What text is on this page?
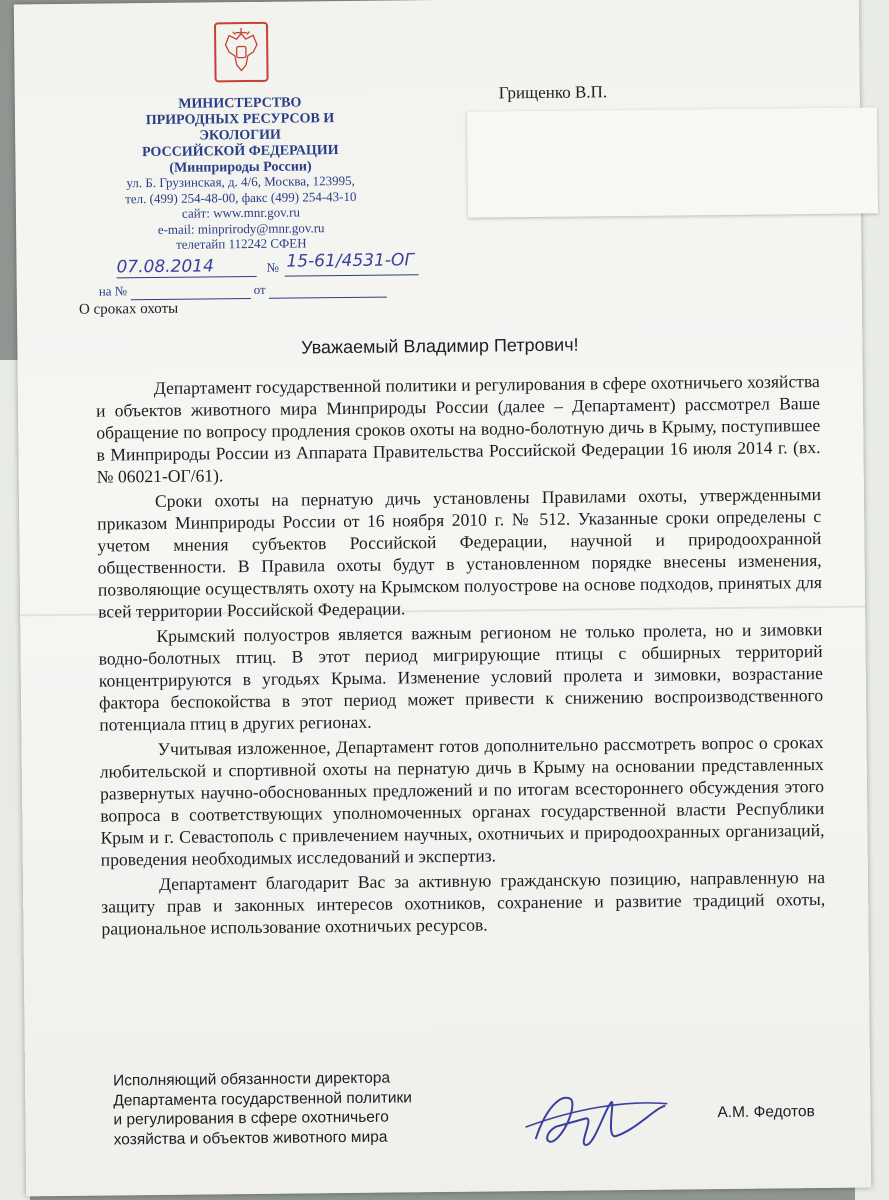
МИНИСТЕРСТВО
ПРИРОДНЫХ РЕСУРСОВ И ЭКОЛОГИИ
РОССИЙСКОЙ ФЕДЕРАЦИИ
(Минприроды России)
ул. Б. Грузинская, д. 4/6, Москва, 123995,
тел. (499) 254-48-00, факс (499) 254-43-10
сайт: www.mnr.gov.ru
e-mail: minprirody@mnr.gov.ru
телетайп 112242 СФЕН
07.08.2014	№ 15-61/4531-ОГ
на №	от
О сроках охоты
Грищенко В.П.
Уважаемый Владимир Петрович!

Департамент государственной политики и регулирования в сфере охотничьего хозяйства и объектов животного мира Минприроды России (далее – Департамент) рассмотрел Ваше обращение по вопросу продления сроков охоты на водно-болотную дичь в Крыму, поступившее в Минприроды России из Аппарата Правительства Российской Федерации 16 июля 2014 г. (вх. № 06021-ОГ/61).

Сроки охоты на пернатую дичь установлены Правилами охоты, утвержденными приказом Минприроды России от 16 ноября 2010 г. № 512. Указанные сроки определены с учетом мнения субъектов Российской Федерации, научной и природоохранной общественности. В Правила охоты будут в установленном порядке внесены изменения, позволяющие осуществлять охоту на Крымском полуострове на основе подходов, принятых для всей территории Российской Федерации.

Крымский полуостров является важным регионом не только пролета, но и зимовки водно-болотных птиц. В этот период мигрирующие птицы с обширных территорий концентрируются в угодьях Крыма. Изменение условий пролета и зимовки, возрастание фактора беспокойства в этот период может привести к снижению воспроизводственного потенциала птиц в других регионах.

Учитывая изложенное, Департамент готов дополнительно рассмотреть вопрос о сроках любительской и спортивной охоты на пернатую дичь в Крыму на основании представленных развернутых научно-обоснованных предложений и по итогам всестороннего обсуждения этого вопроса в соответствующих уполномоченных органах государственной власти Республики Крым и г. Севастополь с привлечением научных, охотничьих и природоохранных организаций, проведения необходимых исследований и экспертиз.

Департамент благодарит Вас за активную гражданскую позицию, направленную на защиту прав и законных интересов охотников, сохранение и развитие традиций охоты, рациональное использование охотничьих ресурсов.

Исполняющий обязанности директора
Департамента государственной политики
и регулирования в сфере охотничьего
хозяйства и объектов животного мира
А.М. Федотов
